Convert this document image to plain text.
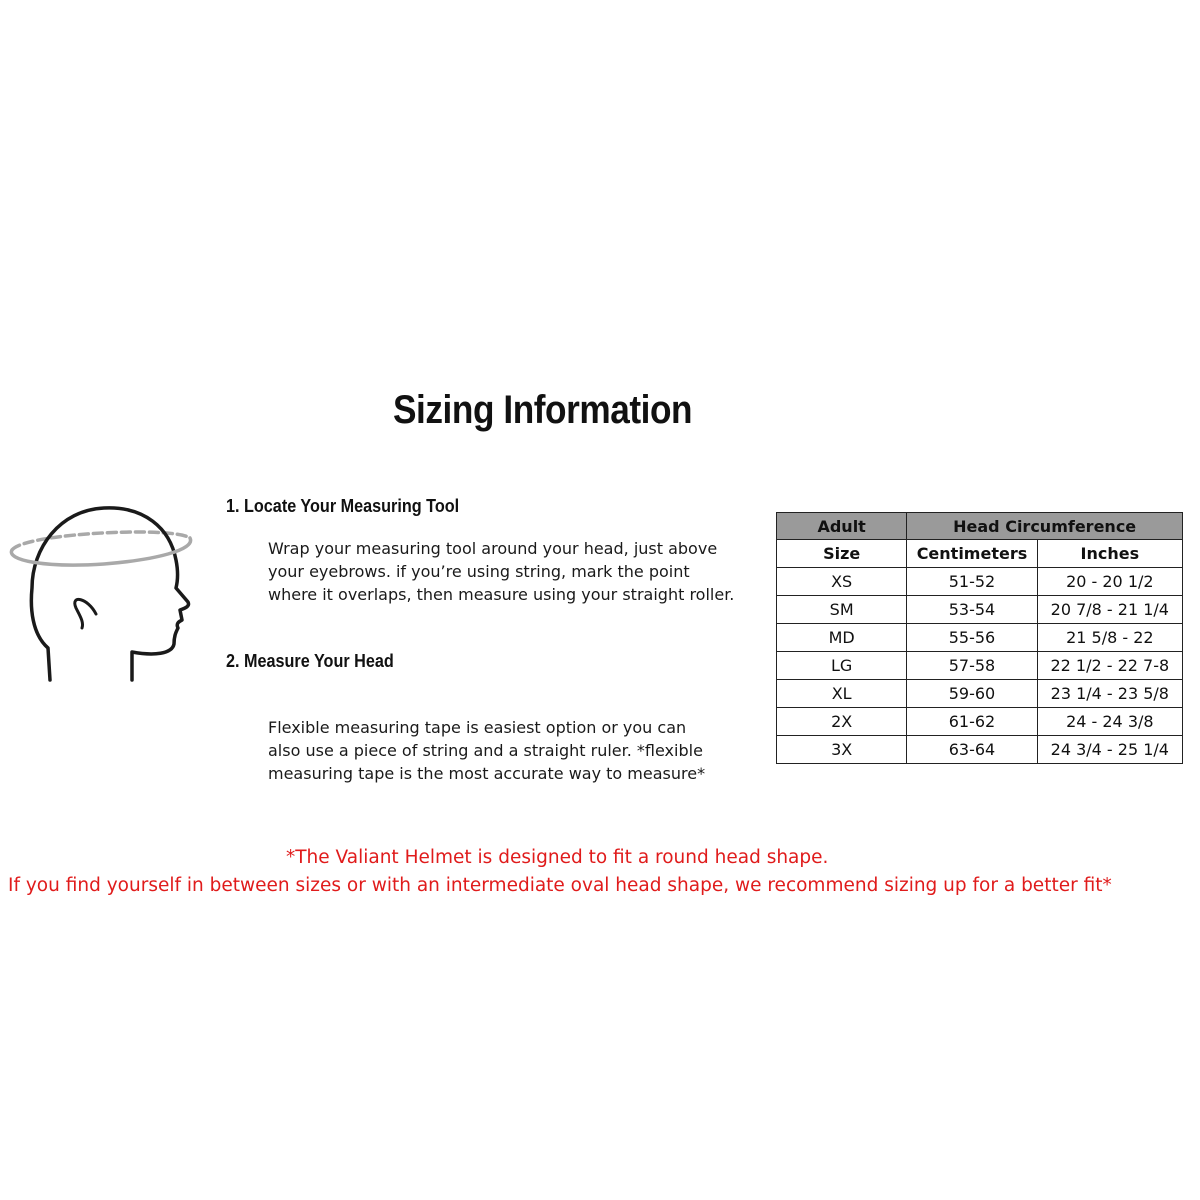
Sizing Information
1. Locate Your Measuring Tool
Wrap your measuring tool around your head, just above
your eyebrows. if you’re using string, mark the point
where it overlaps, then measure using your straight roller.
2. Measure Your Head
Flexible measuring tape is easiest option or you can
also use a piece of string and a straight ruler. *flexible
measuring tape is the most accurate way to measure*
Adult	Head Circumference	
Size	Centimeters	Inches
XS	51-52	20 - 20 1/2
SM	53-54	20 7/8 - 21 1/4
MD	55-56	21 5/8 - 22
LG	57-58	22 1/2 - 22 7-8
XL	59-60	23 1/4 - 23 5/8
2X	61-62	24 - 24 3/8
3X	63-64	24 3/4 - 25 1/4
*The Valiant Helmet is designed to fit a round head shape.
If you find yourself in between sizes or with an intermediate oval head shape, we recommend sizing up for a better fit*
